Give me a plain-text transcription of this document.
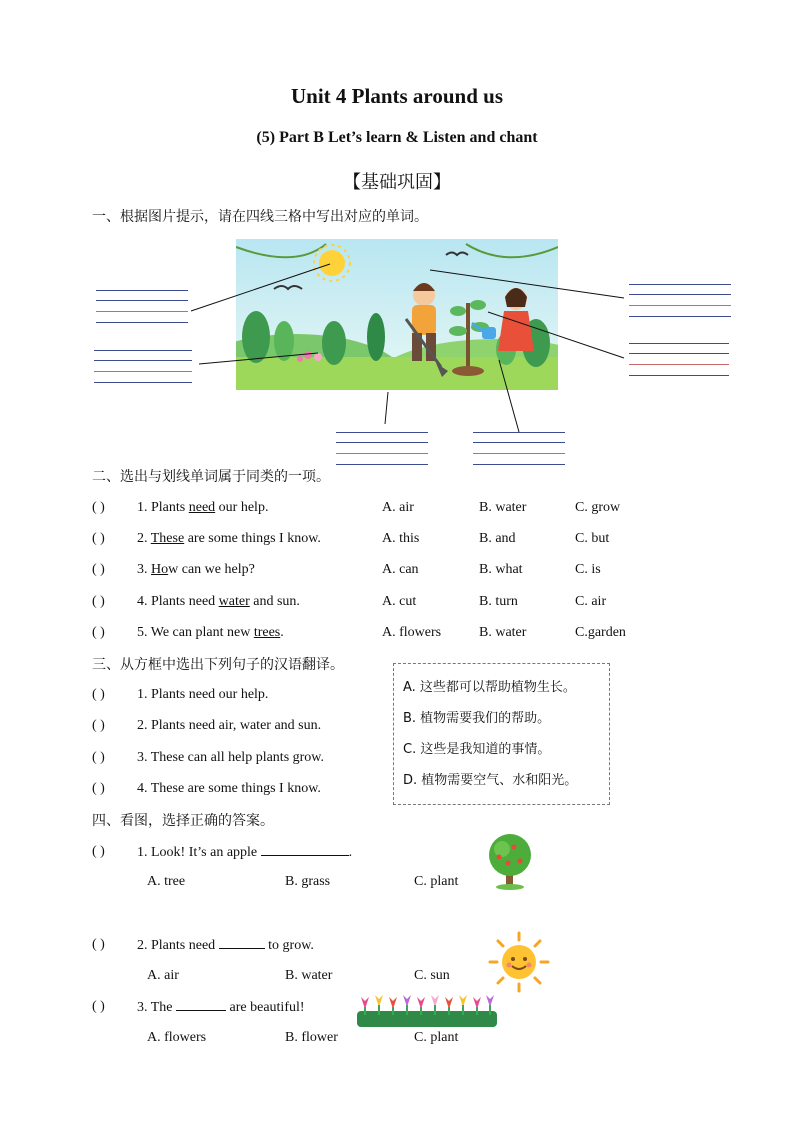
Unit 4 Plants around us
(5) Part B Let’s learn & Listen and chant
【基础巩固】
一、根据图片提示，请在四线三格中写出对应的单词。
二、选出与划线单词属于同类的一项。
( ) 1. Plants need our help.	A. air	B. water	C. grow
( ) 2. These are some things I know.	A. this	B. and	C. but
( ) 3. How can we help?	A. can	B. what	C. is
( ) 4. Plants need water and sun.	A. cut	B. turn	C. air
( ) 5. We can plant new trees.	A. flowers	B. water	C.garden
三、从方框中选出下列句子的汉语翻译。
( ) 1. Plants need our help.
( ) 2. Plants need air, water and sun.
( ) 3. These can all help plants grow.
( ) 4. These are some things I know.
A. 这些都可以帮助植物生长。
B. 植物需要我们的帮助。
C. 这些是我知道的事情。
D. 植物需要空气、水和阳光。
四、看图，选择正确的答案。
( ) 1. Look! It’s an apple	.
A. tree	B. grass	C. plant
( ) 2. Plants need	to grow.
A. air	B. water	C. sun
( ) 3. The	are beautiful!
A. flowers	B. flower	C. plant
